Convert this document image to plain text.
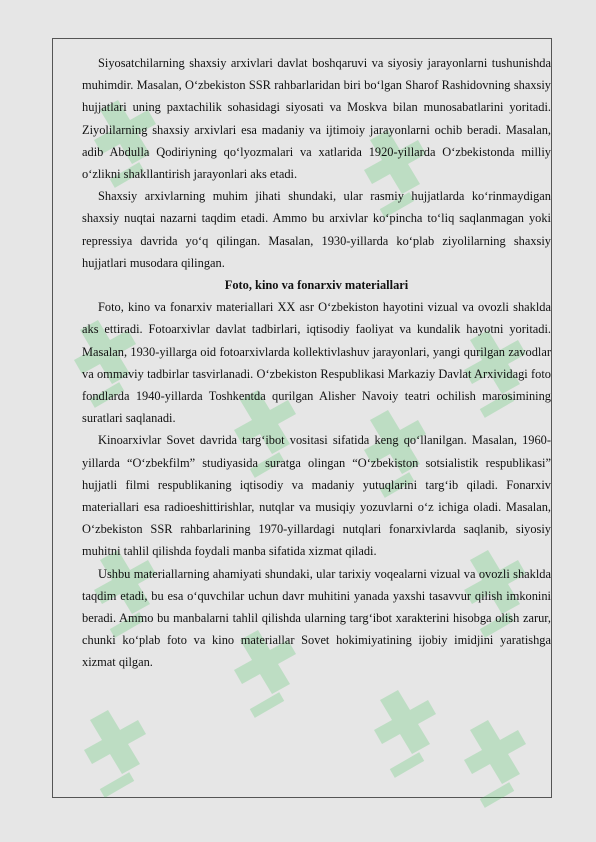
Siyosatchilarning shaxsiy arxivlari davlat boshqaruvi va siyosiy jarayonlarni tushunishda muhimdir. Masalan, O‘zbekiston SSR rahbarlaridan biri bo‘lgan Sharof Rashidovning shaxsiy hujjatlari uning paxtachilik sohasidagi siyosati va Moskva bilan munosabatlarini yoritadi. Ziyolilarning shaxsiy arxivlari esa madaniy va ijtimoiy jarayonlarni ochib beradi. Masalan, adib Abdulla Qodiriyning qo‘lyozmalari va xatlarida 1920-yillarda O‘zbekistonda milliy o‘zlikni shakllantirish jarayonlari aks etadi.

Shaxsiy arxivlarning muhim jihati shundaki, ular rasmiy hujjatlarda ko‘rinmaydigan shaxsiy nuqtai nazarni taqdim etadi. Ammo bu arxivlar ko‘pincha to‘liq saqlanmagan yoki repressiya davrida yo‘q qilingan. Masalan, 1930-yillarda ko‘plab ziyolilarning shaxsiy hujjatlari musodara qilingan.

Foto, kino va fonarxiv materiallari

Foto, kino va fonarxiv materiallari XX asr O‘zbekiston hayotini vizual va ovozli shaklda aks ettiradi. Fotoarxivlar davlat tadbirlari, iqtisodiy faoliyat va kundalik hayotni yoritadi. Masalan, 1930-yillarga oid fotoarxivlarda kollektivlashuv jarayonlari, yangi qurilgan zavodlar va ommaviy tadbirlar tasvirlanadi. O‘zbekiston Respublikasi Markaziy Davlat Arxividagi foto fondlarda 1940-yillarda Toshkentda qurilgan Alisher Navoiy teatri ochilish marosimining suratlari saqlanadi.

Kinoarxivlar Sovet davrida targ‘ibot vositasi sifatida keng qo‘llanilgan. Masalan, 1960-yillarda “O‘zbekfilm” studiyasida suratga olingan “O‘zbekiston sotsialistik respublikasi” hujjatli filmi respublikaning iqtisodiy va madaniy yutuqlarini targ‘ib qiladi. Fonarxiv materiallari esa radioeshittirishlar, nutqlar va musiqiy yozuvlarni o‘z ichiga oladi. Masalan, O‘zbekiston SSR rahbarlarining 1970-yillardagi nutqlari fonarxivlarda saqlanib, siyosiy muhitni tahlil qilishda foydali manba sifatida xizmat qiladi.

Ushbu materiallarning ahamiyati shundaki, ular tarixiy voqealarni vizual va ovozli shaklda taqdim etadi, bu esa o‘quvchilar uchun davr muhitini yanada yaxshi tasavvur qilish imkonini beradi. Ammo bu manbalarni tahlil qilishda ularning targ‘ibot xarakterini hisobga olish zarur, chunki ko‘plab foto va kino materiallar Sovet hokimiyatining ijobiy imidjini yaratishga xizmat qilgan.
